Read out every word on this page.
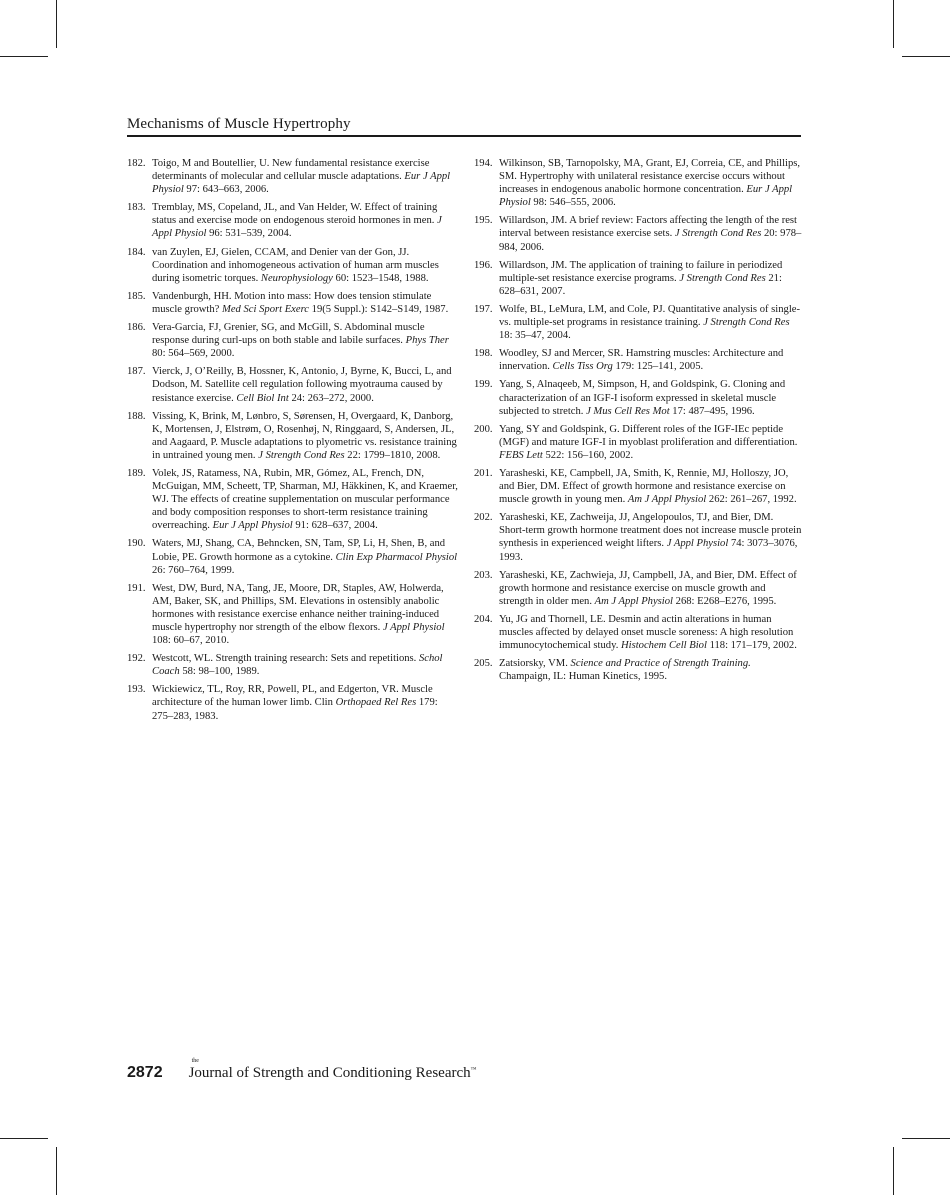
Mechanisms of Muscle Hypertrophy
182. Toigo, M and Boutellier, U. New fundamental resistance exercise determinants of molecular and cellular muscle adaptations. Eur J Appl Physiol 97: 643–663, 2006.
183. Tremblay, MS, Copeland, JL, and Van Helder, W. Effect of training status and exercise mode on endogenous steroid hormones in men. J Appl Physiol 96: 531–539, 2004.
184. van Zuylen, EJ, Gielen, CCAM, and Denier van der Gon, JJ. Coordination and inhomogeneous activation of human arm muscles during isometric torques. Neurophysiology 60: 1523–1548, 1988.
185. Vandenburgh, HH. Motion into mass: How does tension stimulate muscle growth? Med Sci Sport Exerc 19(5 Suppl.): S142–S149, 1987.
186. Vera-Garcia, FJ, Grenier, SG, and McGill, S. Abdominal muscle response during curl-ups on both stable and labile surfaces. Phys Ther 80: 564–569, 2000.
187. Vierck, J, O’Reilly, B, Hossner, K, Antonio, J, Byrne, K, Bucci, L, and Dodson, M. Satellite cell regulation following myotrauma caused by resistance exercise. Cell Biol Int 24: 263–272, 2000.
188. Vissing, K, Brink, M, Lønbro, S, Sørensen, H, Overgaard, K, Danborg, K, Mortensen, J, Elstrøm, O, Rosenhøj, N, Ringgaard, S, Andersen, JL, and Aagaard, P. Muscle adaptations to plyometric vs. resistance training in untrained young men. J Strength Cond Res 22: 1799–1810, 2008.
189. Volek, JS, Ratamess, NA, Rubin, MR, Gómez, AL, French, DN, McGuigan, MM, Scheett, TP, Sharman, MJ, Häkkinen, K, and Kraemer, WJ. The effects of creatine supplementation on muscular performance and body composition responses to short-term resistance training overreaching. Eur J Appl Physiol 91: 628–637, 2004.
190. Waters, MJ, Shang, CA, Behncken, SN, Tam, SP, Li, H, Shen, B, and Lobie, PE. Growth hormone as a cytokine. Clin Exp Pharmacol Physiol 26: 760–764, 1999.
191. West, DW, Burd, NA, Tang, JE, Moore, DR, Staples, AW, Holwerda, AM, Baker, SK, and Phillips, SM. Elevations in ostensibly anabolic hormones with resistance exercise enhance neither training-induced muscle hypertrophy nor strength of the elbow flexors. J Appl Physiol 108: 60–67, 2010.
192. Westcott, WL. Strength training research: Sets and repetitions. Schol Coach 58: 98–100, 1989.
193. Wickiewicz, TL, Roy, RR, Powell, PL, and Edgerton, VR. Muscle architecture of the human lower limb. Clin Orthopaed Rel Res 179: 275–283, 1983.
194. Wilkinson, SB, Tarnopolsky, MA, Grant, EJ, Correia, CE, and Phillips, SM. Hypertrophy with unilateral resistance exercise occurs without increases in endogenous anabolic hormone concentration. Eur J Appl Physiol 98: 546–555, 2006.
195. Willardson, JM. A brief review: Factors affecting the length of the rest interval between resistance exercise sets. J Strength Cond Res 20: 978–984, 2006.
196. Willardson, JM. The application of training to failure in periodized multiple-set resistance exercise programs. J Strength Cond Res 21: 628–631, 2007.
197. Wolfe, BL, LeMura, LM, and Cole, PJ. Quantitative analysis of single- vs. multiple-set programs in resistance training. J Strength Cond Res 18: 35–47, 2004.
198. Woodley, SJ and Mercer, SR. Hamstring muscles: Architecture and innervation. Cells Tiss Org 179: 125–141, 2005.
199. Yang, S, Alnaqeeb, M, Simpson, H, and Goldspink, G. Cloning and characterization of an IGF-I isoform expressed in skeletal muscle subjected to stretch. J Mus Cell Res Mot 17: 487–495, 1996.
200. Yang, SY and Goldspink, G. Different roles of the IGF-IEc peptide (MGF) and mature IGF-I in myoblast proliferation and differentiation. FEBS Lett 522: 156–160, 2002.
201. Yarasheski, KE, Campbell, JA, Smith, K, Rennie, MJ, Holloszy, JO, and Bier, DM. Effect of growth hormone and resistance exercise on muscle growth in young men. Am J Appl Physiol 262: 261–267, 1992.
202. Yarasheski, KE, Zachweija, JJ, Angelopoulos, TJ, and Bier, DM. Short-term growth hormone treatment does not increase muscle protein synthesis in experienced weight lifters. J Appl Physiol 74: 3073–3076, 1993.
203. Yarasheski, KE, Zachwieja, JJ, Campbell, JA, and Bier, DM. Effect of growth hormone and resistance exercise on muscle growth and strength in older men. Am J Appl Physiol 268: E268–E276, 1995.
204. Yu, JG and Thornell, LE. Desmin and actin alterations in human muscles affected by delayed onset muscle soreness: A high resolution immunocytochemical study. Histochem Cell Biol 118: 171–179, 2002.
205. Zatsiorsky, VM. Science and Practice of Strength Training. Champaign, IL: Human Kinetics, 1995.
2872
the
Journal of Strength and Conditioning Research™
